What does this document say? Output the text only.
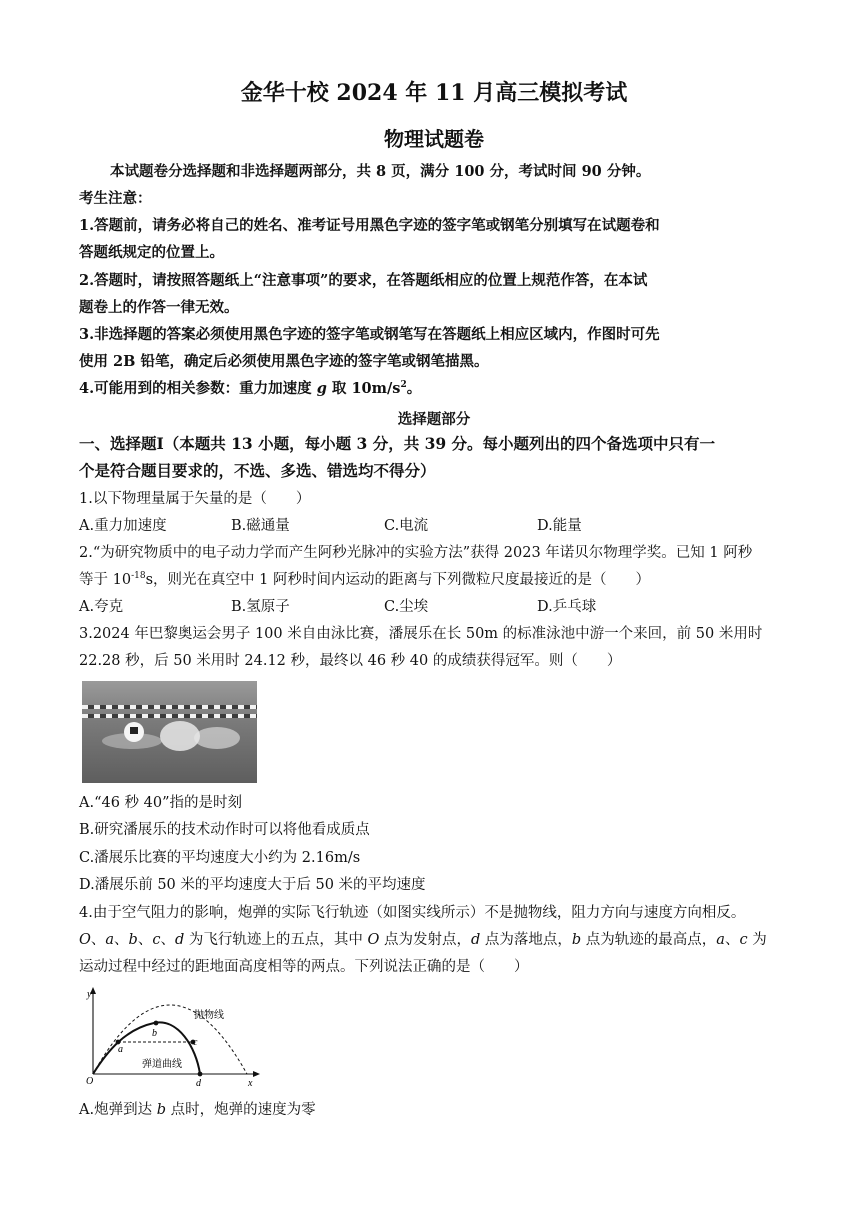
金华十校 2024 年 11 月高三模拟考试
物理试题卷
本试题卷分选择题和非选择题两部分，共 8 页，满分 100 分，考试时间 90 分钟。
考生注意：
1.答题前，请务必将自己的姓名、准考证号用黑色字迹的签字笔或钢笔分别填写在试题卷和
答题纸规定的位置上。
2.答题时，请按照答题纸上“注意事项”的要求，在答题纸相应的位置上规范作答，在本试
题卷上的作答一律无效。
3.非选择题的答案必须使用黑色字迹的签字笔或钢笔写在答题纸上相应区域内，作图时可先
使用 2B 铅笔，确定后必须使用黑色字迹的签字笔或钢笔描黑。
4.可能用到的相关参数：重力加速度 g 取 $10m/s^2$。
选择题部分
一、选择题Ⅰ（本题共 13 小题，每小题 3 分，共 39 分。每小题列出的四个备选项中只有一
个是符合题目要求的，不选、多选、错选均不得分）
1.以下物理量属于矢量的是（　　）
A.重力加速度	B.磁通量	C.电流	D.能量
2.“为研究物质中的电子动力学而产生阿秒光脉冲的实验方法”获得 2023 年诺贝尔物理学奖。已知 1 阿秒
等于 $10^{-18}s$，则光在真空中 1 阿秒时间内运动的距离与下列微粒尺度最接近的是（　　）
A.夸克	B.氢原子	C.尘埃	D.乒乓球
3.2024 年巴黎奥运会男子 100 米自由泳比赛，潘展乐在长 50m 的标准泳池中游一个来回，前 50 米用时
22.28 秒，后 50 米用时 24.12 秒，最终以 46 秒 40 的成绩获得冠军。则（　　）
A.“46 秒 40”指的是时刻
B.研究潘展乐的技术动作时可以将他看成质点
C.潘展乐比赛的平均速度大小约为 2.16m/s
D.潘展乐前 50 米的平均速度大于后 50 米的平均速度
4.由于空气阻力的影响，炮弹的实际飞行轨迹（如图实线所示）不是抛物线，阻力方向与速度方向相反。
O、a、b、c、d 为飞行轨迹上的五点，其中 O 点为发射点，d 点为落地点，b 点为轨迹的最高点，a、c 为
运动过程中经过的距地面高度相等的两点。下列说法正确的是（　　）
y
x
O
a
b
c
d
抛物线
弹道曲线
A.炮弹到达 b 点时，炮弹的速度为零
